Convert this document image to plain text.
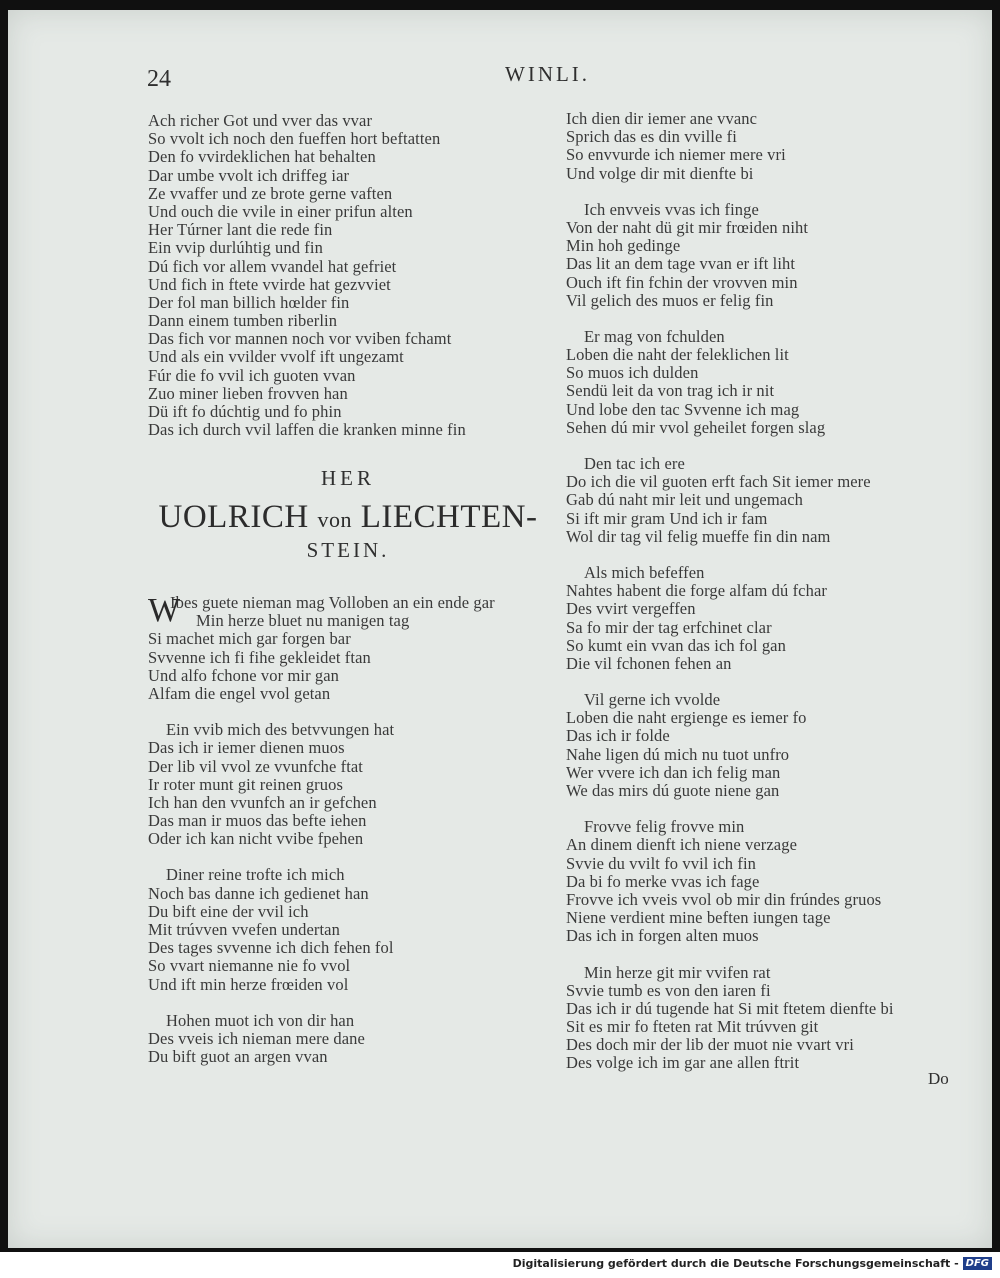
24	WINLI.
Ach richer Got und vver das vvar
So vvolt ich noch den fueffen hort beftatten
Den fo vvirdeklichen hat behalten
Dar umbe vvolt ich driffeg iar
Ze vvaffer und ze brote gerne vaften
Und ouch die vvile in einer prifun alten
Her Túrner lant die rede fin
Ein vvip durlúhtig und fin
Dú fich vor allem vvandel hat gefriet
Und fich in ftete vvirde hat gezvviet
Der fol man billich hœlder fin
Dann einem tumben riberlin
Das fich vor mannen noch vor vviben fchamt
Und als ein vvilder vvolf ift ungezamt
Fúr die fo vvil ich guoten vvan
Zuo miner lieben frovven han
Dü ift fo dúchtig und fo phin
Das ich durch vvil laffen die kranken minne fin
HER
UOLRICH von LIECHTEN-
STEIN.
W
Ibes guete nieman mag Volloben an ein ende gar
Min herze bluet nu manigen tag
Si machet mich gar forgen bar
Svvenne ich fi fihe gekleidet ftan
Und alfo fchone vor mir gan
Alfam die engel vvol getan
Ein vvib mich des betvvungen hat
Das ich ir iemer dienen muos
Der lib vil vvol ze vvunfche ftat
Ir roter munt git reinen gruos
Ich han den vvunfch an ir gefchen
Das man ir muos das befte iehen
Oder ich kan nicht vvibe fpehen
Diner reine trofte ich mich
Noch bas danne ich gedienet han
Du bift eine der vvil ich
Mit trúvven vvefen undertan
Des tages svvenne ich dich fehen fol
So vvart niemanne nie fo vvol
Und ift min herze frœiden vol
Hohen muot ich von dir han
Des vveis ich nieman mere dane
Du bift guot an argen vvan
Ich dien dir iemer ane vvanc
Sprich das es din vville fi
So envvurde ich niemer mere vri
Und volge dir mit dienfte bi
Ich envveis vvas ich finge
Von der naht dü git mir frœiden niht
Min hoh gedinge
Das lit an dem tage vvan er ift liht
Ouch ift fin fchin der vrovven min
Vil gelich des muos er felig fin
Er mag von fchulden
Loben die naht der feleklichen lit
So muos ich dulden
Sendü leit da von trag ich ir nit
Und lobe den tac Svvenne ich mag
Sehen dú mir vvol geheilet forgen slag
Den tac ich ere
Do ich die vil guoten erft fach Sit iemer mere
Gab dú naht mir leit und ungemach
Si ift mir gram Und ich ir fam
Wol dir tag vil felig mueffe fin din nam
Als mich befeffen
Nahtes habent die forge alfam dú fchar
Des vvirt vergeffen
Sa fo mir der tag erfchinet clar
So kumt ein vvan das ich fol gan
Die vil fchonen fehen an
Vil gerne ich vvolde
Loben die naht ergienge es iemer fo
Das ich ir folde
Nahe ligen dú mich nu tuot unfro
Wer vvere ich dan ich felig man
We das mirs dú guote niene gan
Frovve felig frovve min
An dinem dienft ich niene verzage
Svvie du vvilt fo vvil ich fin
Da bi fo merke vvas ich fage
Frovve ich vveis vvol ob mir din frúndes gruos
Niene verdient mine beften iungen tage
Das ich in forgen alten muos
Min herze git mir vvifen rat
Svvie tumb es von den iaren fi
Das ich ir dú tugende hat Si mit ftetem dienfte bi
Sit es mir fo fteten rat Mit trúvven git
Des doch mir der lib der muot nie vvart vri
Des volge ich im gar ane allen ftrit
Do
Digitalisierung gefördert durch die Deutsche Forschungsgemeinschaft - DFG
